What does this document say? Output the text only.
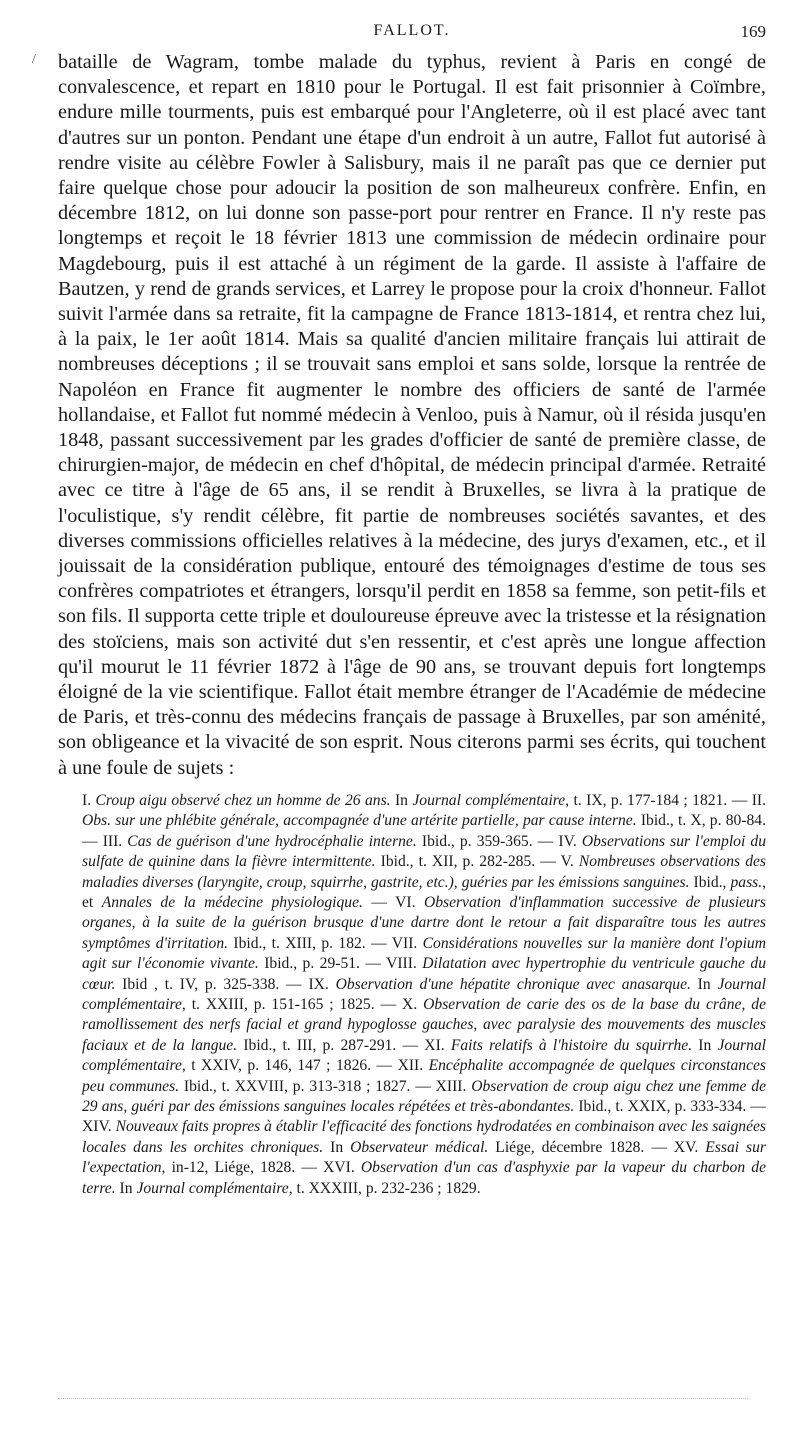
/
FALLOT.	169

bataille de Wagram, tombe malade du typhus, revient à Paris en congé de convalescence, et repart en 1810 pour le Portugal. Il est fait prisonnier à Coïmbre, endure mille tourments, puis est embarqué pour l'Angleterre, où il est placé avec tant d'autres sur un ponton. Pendant une étape d'un endroit à un autre, Fallot fut autorisé à rendre visite au célèbre Fowler à Salisbury, mais il ne paraît pas que ce dernier put faire quelque chose pour adoucir la position de son malheureux confrère. Enfin, en décembre 1812, on lui donne son passe-port pour rentrer en France. Il n'y reste pas longtemps et reçoit le 18 février 1813 une commission de médecin ordinaire pour Magdebourg, puis il est attaché à un régiment de la garde. Il assiste à l'affaire de Bautzen, y rend de grands services, et Larrey le propose pour la croix d'honneur. Fallot suivit l'armée dans sa retraite, fit la campagne de France 1813-1814, et rentra chez lui, à la paix, le 1er août 1814. Mais sa qualité d'ancien militaire français lui attirait de nombreuses déceptions ; il se trouvait sans emploi et sans solde, lorsque la rentrée de Napoléon en France fit augmenter le nombre des officiers de santé de l'armée hollandaise, et Fallot fut nommé médecin à Venloo, puis à Namur, où il résida jusqu'en 1848, passant successivement par les grades d'officier de santé de première classe, de chirurgien-major, de médecin en chef d'hôpital, de médecin principal d'armée. Retraité avec ce titre à l'âge de 65 ans, il se rendit à Bruxelles, se livra à la pratique de l'oculistique, s'y rendit célèbre, fit partie de nombreuses sociétés savantes, et des diverses commissions officielles relatives à la médecine, des jurys d'examen, etc., et il jouissait de la considération publique, entouré des témoignages d'estime de tous ses confrères compatriotes et étrangers, lorsqu'il perdit en 1858 sa femme, son petit-fils et son fils. Il supporta cette triple et douloureuse épreuve avec la tristesse et la résignation des stoïciens, mais son activité dut s'en ressentir, et c'est après une longue affection qu'il mourut le 11 février 1872 à l'âge de 90 ans, se trouvant depuis fort longtemps éloigné de la vie scientifique. Fallot était membre étranger de l'Académie de médecine de Paris, et très-connu des médecins français de passage à Bruxelles, par son aménité, son obligeance et la vivacité de son esprit. Nous citerons parmi ses écrits, qui touchent à une foule de sujets :

I. Croup aigu observé chez un homme de 26 ans. In Journal complémentaire, t. IX, p. 177-184 ; 1821. — II. Obs. sur une phlébite générale, accompagnée d'une artérite partielle, par cause interne. Ibid., t. X, p. 80-84. — III. Cas de guérison d'une hydrocéphalie interne. Ibid., p. 359-365. — IV. Observations sur l'emploi du sulfate de quinine dans la fièvre intermittente. Ibid., t. XII, p. 282-285. — V. Nombreuses observations des maladies diverses (laryngite, croup, squirrhe, gastrite, etc.), guéries par les émissions sanguines. Ibid., pass., et Annales de la médecine physiologique. — VI. Observation d'inflammation successive de plusieurs organes, à la suite de la guérison brusque d'une dartre dont le retour a fait disparaître tous les autres symptômes d'irritation. Ibid., t. XIII, p. 182. — VII. Considérations nouvelles sur la manière dont l'opium agit sur l'économie vivante. Ibid., p. 29-51. — VIII. Dilatation avec hypertrophie du ventricule gauche du cœur. Ibid , t. IV, p. 325-338. — IX. Observation d'une hépatite chronique avec anasarque. In Journal complémentaire, t. XXIII, p. 151-165 ; 1825. — X. Observation de carie des os de la base du crâne, de ramollissement des nerfs facial et grand hypoglosse gauches, avec paralysie des mouvements des muscles faciaux et de la langue. Ibid., t. III, p. 287-291. — XI. Faits relatifs à l'histoire du squirrhe. In Journal complémentaire, t XXIV, p. 146, 147 ; 1826. — XII. Encéphalite accompagnée de quelques circonstances peu communes. Ibid., t. XXVIII, p. 313-318 ; 1827. — XIII. Observation de croup aigu chez une femme de 29 ans, guéri par des émissions sanguines locales répétées et très-abondantes. Ibid., t. XXIX, p. 333-334. — XIV. Nouveaux faits propres à établir l'efficacité des fonctions hydrodatées en combinaison avec les saignées locales dans les orchites chroniques. In Observateur médical. Liége, décembre 1828. — XV. Essai sur l'expectation, in-12, Liége, 1828. — XVI. Observation d'un cas d'asphyxie par la vapeur du charbon de terre. In Journal complémentaire, t. XXXIII, p. 232-236 ; 1829.
